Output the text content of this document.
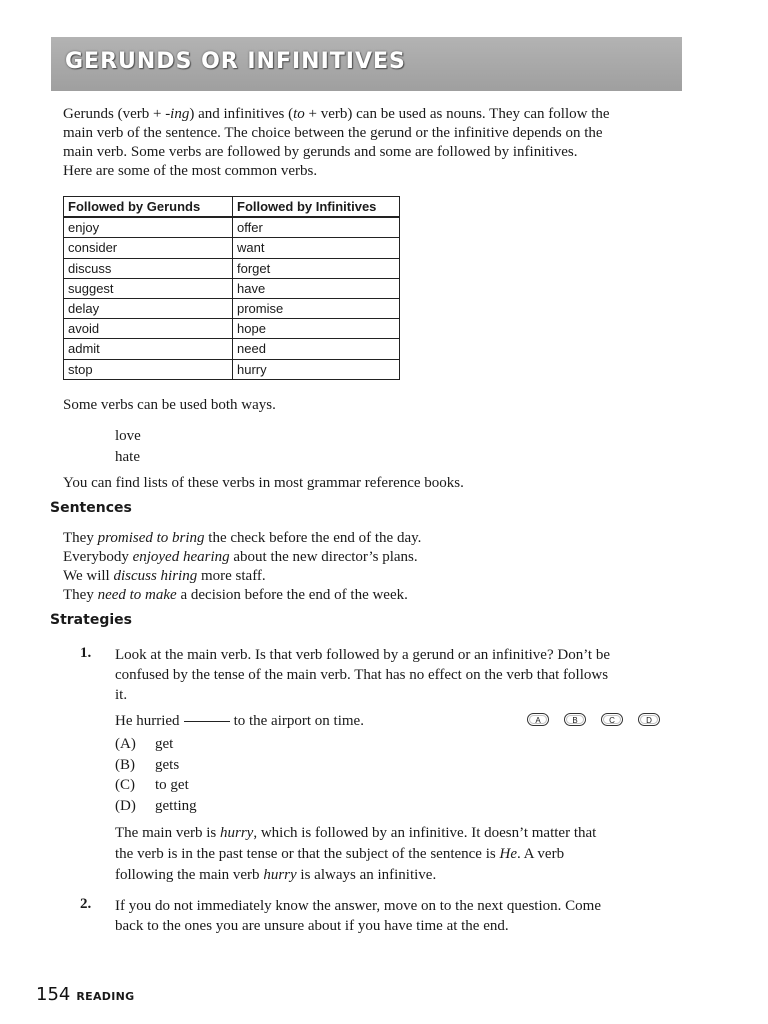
GERUNDS OR INFINITIVES
Gerunds (verb + -ing) and infinitives (to + verb) can be used as nouns. They can follow the
main verb of the sentence. The choice between the gerund or the infinitive depends on the
main verb. Some verbs are followed by gerunds and some are followed by infinitives.
Here are some of the most common verbs.
Followed by Gerunds	Followed by Infinitives
enjoy	offer
consider	want
discuss	forget
suggest	have
delay	promise
avoid	hope
admit	need
stop	hurry
Some verbs can be used both ways.
love
hate
You can find lists of these verbs in most grammar reference books.
Sentences
They promised to bring the check before the end of the day.
Everybody enjoyed hearing about the new director’s plans.
We will discuss hiring more staff.
They need to make a decision before the end of the week.
Strategies
1. Look at the main verb. Is that verb followed by a gerund or an infinitive? Don’t be
confused by the tense of the main verb. That has no effect on the verb that follows
it.
He hurried	to the airport on time.	A	B	C	D
(A) get
(B) gets
(C) to get
(D) getting
The main verb is hurry, which is followed by an infinitive. It doesn’t matter that
the verb is in the past tense or that the subject of the sentence is He. A verb
following the main verb hurry is always an infinitive.
2. If you do not immediately know the answer, move on to the next question. Come
back to the ones you are unsure about if you have time at the end.
154 READING
